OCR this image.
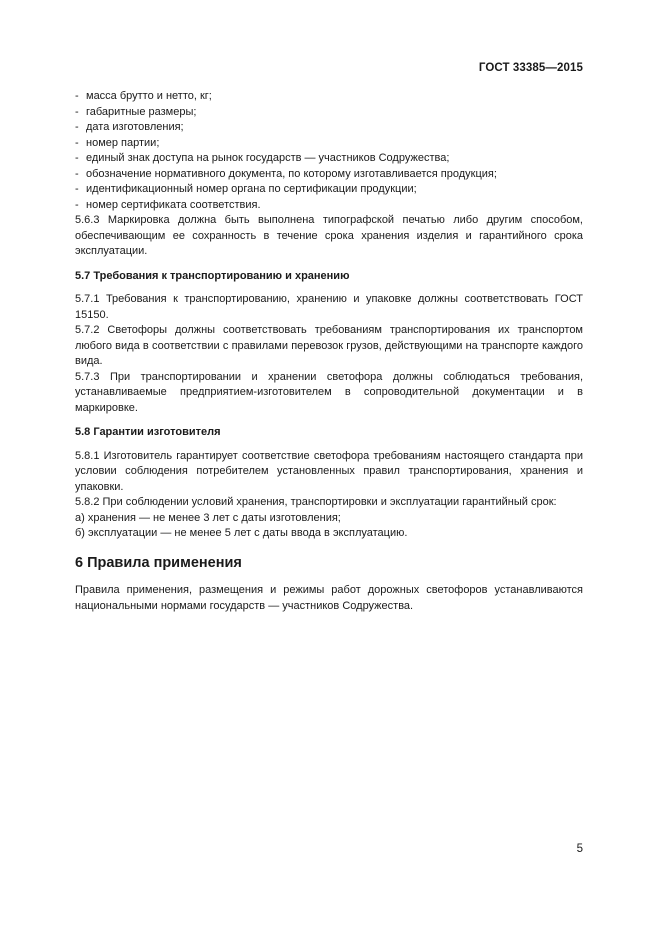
ГОСТ 33385—2015
- масса брутто и нетто, кг;
- габаритные размеры;
- дата изготовления;
- номер партии;
- единый знак доступа на рынок государств — участников Содружества;
- обозначение нормативного документа, по которому изготавливается продукция;
- идентификационный номер органа по сертификации продукции;
- номер сертификата соответствия.

5.6.3 Маркировка должна быть выполнена типографской печатью либо другим способом, обеспечивающим ее сохранность в течение срока хранения изделия и гарантийного срока эксплуатации.

5.7 Требования к транспортированию и хранению

5.7.1 Требования к транспортированию, хранению и упаковке должны соответствовать ГОСТ 15150.

5.7.2 Светофоры должны соответствовать требованиям транспортирования их транспортом любого вида в соответствии с правилами перевозок грузов, действующими на транспорте каждого вида.

5.7.3 При транспортировании и хранении светофора должны соблюдаться требования, устанавливаемые предприятием-изготовителем в сопроводительной документации и в маркировке.

5.8 Гарантии изготовителя

5.8.1 Изготовитель гарантирует соответствие светофора требованиям настоящего стандарта при условии соблюдения потребителем установленных правил транспортирования, хранения и упаковки.

5.8.2 При соблюдении условий хранения, транспортировки и эксплуатации гарантийный срок:

а) хранения — не менее 3 лет с даты изготовления;

б) эксплуатации — не менее 5 лет с даты ввода в эксплуатацию.

6 Правила применения

Правила применения, размещения и режимы работ дорожных светофоров устанавливаются национальными нормами государств — участников Содружества.

5
